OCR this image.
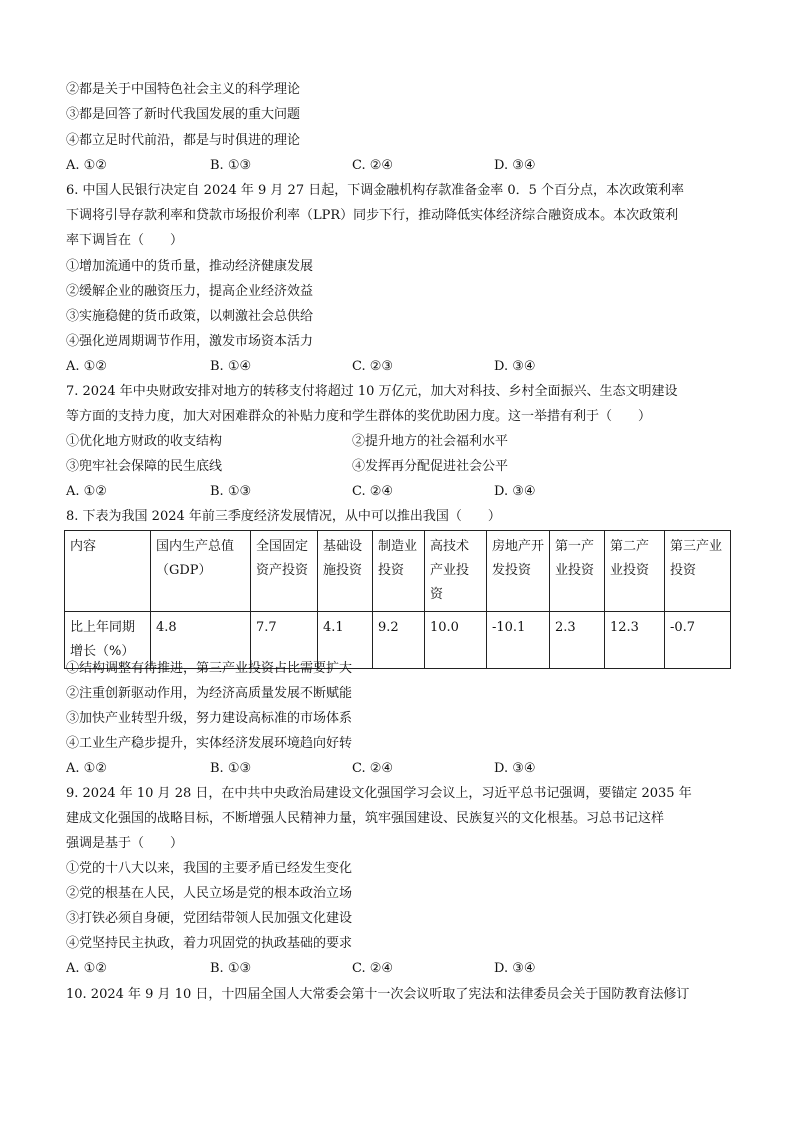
②都是关于中国特色社会主义的科学理论
③都是回答了新时代我国发展的重大问题
④都立足时代前沿，都是与时俱进的理论
A. ①②	B. ①③	C. ②④	D. ③④
6. 中国人民银行决定自 2024 年 9 月 27 日起，下调金融机构存款准备金率 0．5 个百分点，本次政策利率
下调将引导存款利率和贷款市场报价利率（LPR）同步下行，推动降低实体经济综合融资成本。本次政策利
率下调旨在（　　）
①增加流通中的货币量，推动经济健康发展
②缓解企业的融资压力，提高企业经济效益
③实施稳健的货币政策，以刺激社会总供给
④强化逆周期调节作用，激发市场资本活力
A. ①②	B. ①④	C. ②③	D. ③④
7. 2024 年中央财政安排对地方的转移支付将超过 10 万亿元，加大对科技、乡村全面振兴、生态文明建设
等方面的支持力度，加大对困难群众的补贴力度和学生群体的奖优助困力度。这一举措有利于（　　）
①优化地方财政的收支结构	②提升地方的社会福利水平
③兜牢社会保障的民生底线	④发挥再分配促进社会公平
A. ①②	B. ①③	C. ②④	D. ③④
8. 下表为我国 2024 年前三季度经济发展情况，从中可以推出我国（　　）
内容	国内生产总值（GDP）	全国固定资产投资	基础设施投资	制造业投资	高技术产业投资	房地产开发投资	第一产业投资	第二产业投资	第三产业投资
比上年同期增长（%）	4.8	7.7	4.1	9.2	10.0	-10.1	2.3	12.3	-0.7
①结构调整有待推进，第三产业投资占比需要扩大
②注重创新驱动作用，为经济高质量发展不断赋能
③加快产业转型升级，努力建设高标准的市场体系
④工业生产稳步提升，实体经济发展环境趋向好转
A. ①②	B. ①③	C. ②④	D. ③④
9. 2024 年 10 月 28 日，在中共中央政治局建设文化强国学习会议上，习近平总书记强调，要锚定 2035 年
建成文化强国的战略目标，不断增强人民精神力量，筑牢强国建设、民族复兴的文化根基。习总书记这样
强调是基于（　　）
①党的十八大以来，我国的主要矛盾已经发生变化
②党的根基在人民，人民立场是党的根本政治立场
③打铁必须自身硬，党团结带领人民加强文化建设
④党坚持民主执政，着力巩固党的执政基础的要求
A. ①②	B. ①③	C. ②④	D. ③④
10. 2024 年 9 月 10 日，十四届全国人大常委会第十一次会议听取了宪法和法律委员会关于国防教育法修订
